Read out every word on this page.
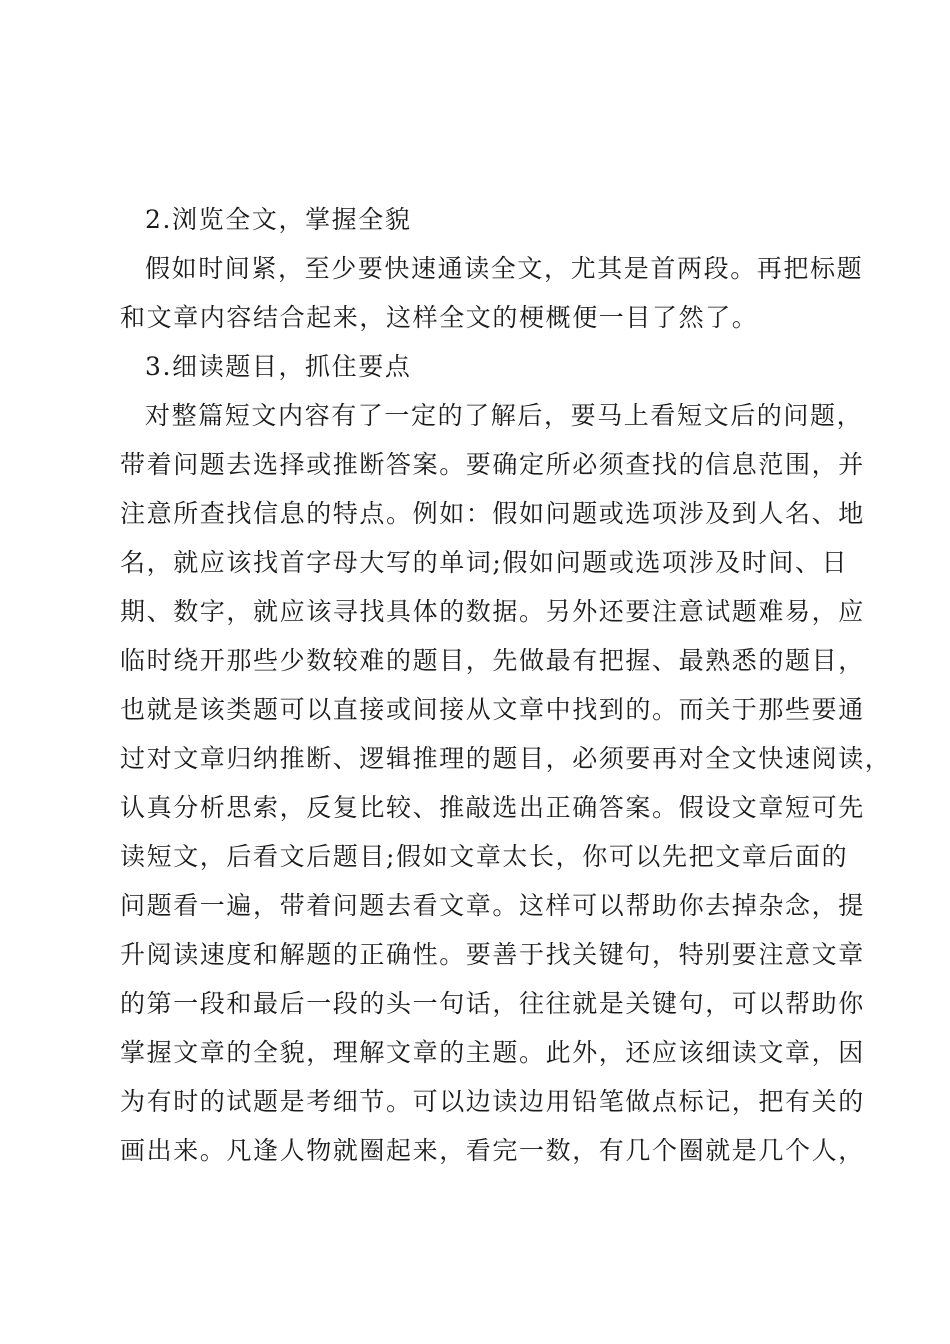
2.浏览全文，掌握全貌
假如时间紧，至少要快速通读全文，尤其是首两段。再把标题
和文章内容结合起来，这样全文的梗概便一目了然了。
3.细读题目，抓住要点
对整篇短文内容有了一定的了解后，要马上看短文后的问题，
带着问题去选择或推断答案。要确定所必须查找的信息范围，并
注意所查找信息的特点。例如：假如问题或选项涉及到人名、地
名，就应该找首字母大写的单词;假如问题或选项涉及时间、日
期、数字，就应该寻找具体的数据。另外还要注意试题难易，应
临时绕开那些少数较难的题目，先做最有把握、最熟悉的题目，
也就是该类题可以直接或间接从文章中找到的。而关于那些要通
过对文章归纳推断、逻辑推理的题目，必须要再对全文快速阅读，
认真分析思索，反复比较、推敲选出正确答案。假设文章短可先
读短文，后看文后题目;假如文章太长，你可以先把文章后面的
问题看一遍，带着问题去看文章。这样可以帮助你去掉杂念，提
升阅读速度和解题的正确性。要善于找关键句，特别要注意文章
的第一段和最后一段的头一句话，往往就是关键句，可以帮助你
掌握文章的全貌，理解文章的主题。此外，还应该细读文章，因
为有时的试题是考细节。可以边读边用铅笔做点标记，把有关的
画出来。凡逢人物就圈起来，看完一数，有几个圈就是几个人，
